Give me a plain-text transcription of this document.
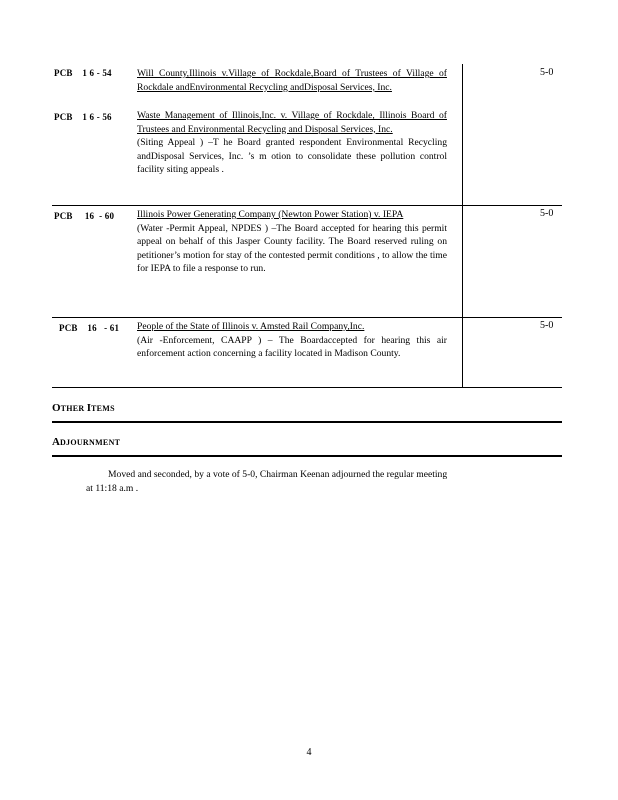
PCB    1 6 - 54	Will County,Illinois v.Village of Rockdale,Board of Trustees of Village of Rockdale andEnvironmental Recycling andDisposal Services, Inc.
PCB    1 6 - 56	Waste Management of Illinois,Inc. v. Village of Rockdale, Illinois Board of Trustees and Environmental Recycling and Disposal Services, Inc.
(Siting Appeal ) –T he Board granted respondent Environmental Recycling andDisposal Services, Inc. ’s m otion to consolidate these pollution control facility siting appeals .
5-0
PCB     16  - 60 Illinois Power Generating Company (Newton Power Station) v. IEPA
(Water -Permit Appeal, NPDES ) –The Board accepted for hearing this permit appeal on behalf of this Jasper County facility. The Board reserved ruling on petitioner’s motion for stay of the contested permit conditions , to allow the time for IEPA to file a response to run.
5-0
PCB    16   - 61 People of the State of Illinois v. Amsted Rail Company,Inc.
(Air -Enforcement, CAAPP ) – The Boardaccepted for hearing this air enforcement action concerning a facility located in Madison County.
5-0
OTHER ITEMS
ADJOURNMENT
Moved and seconded, by a vote of 5-0, Chairman Keenan adjourned the regular meeting
at 11:18 a.m .
4
